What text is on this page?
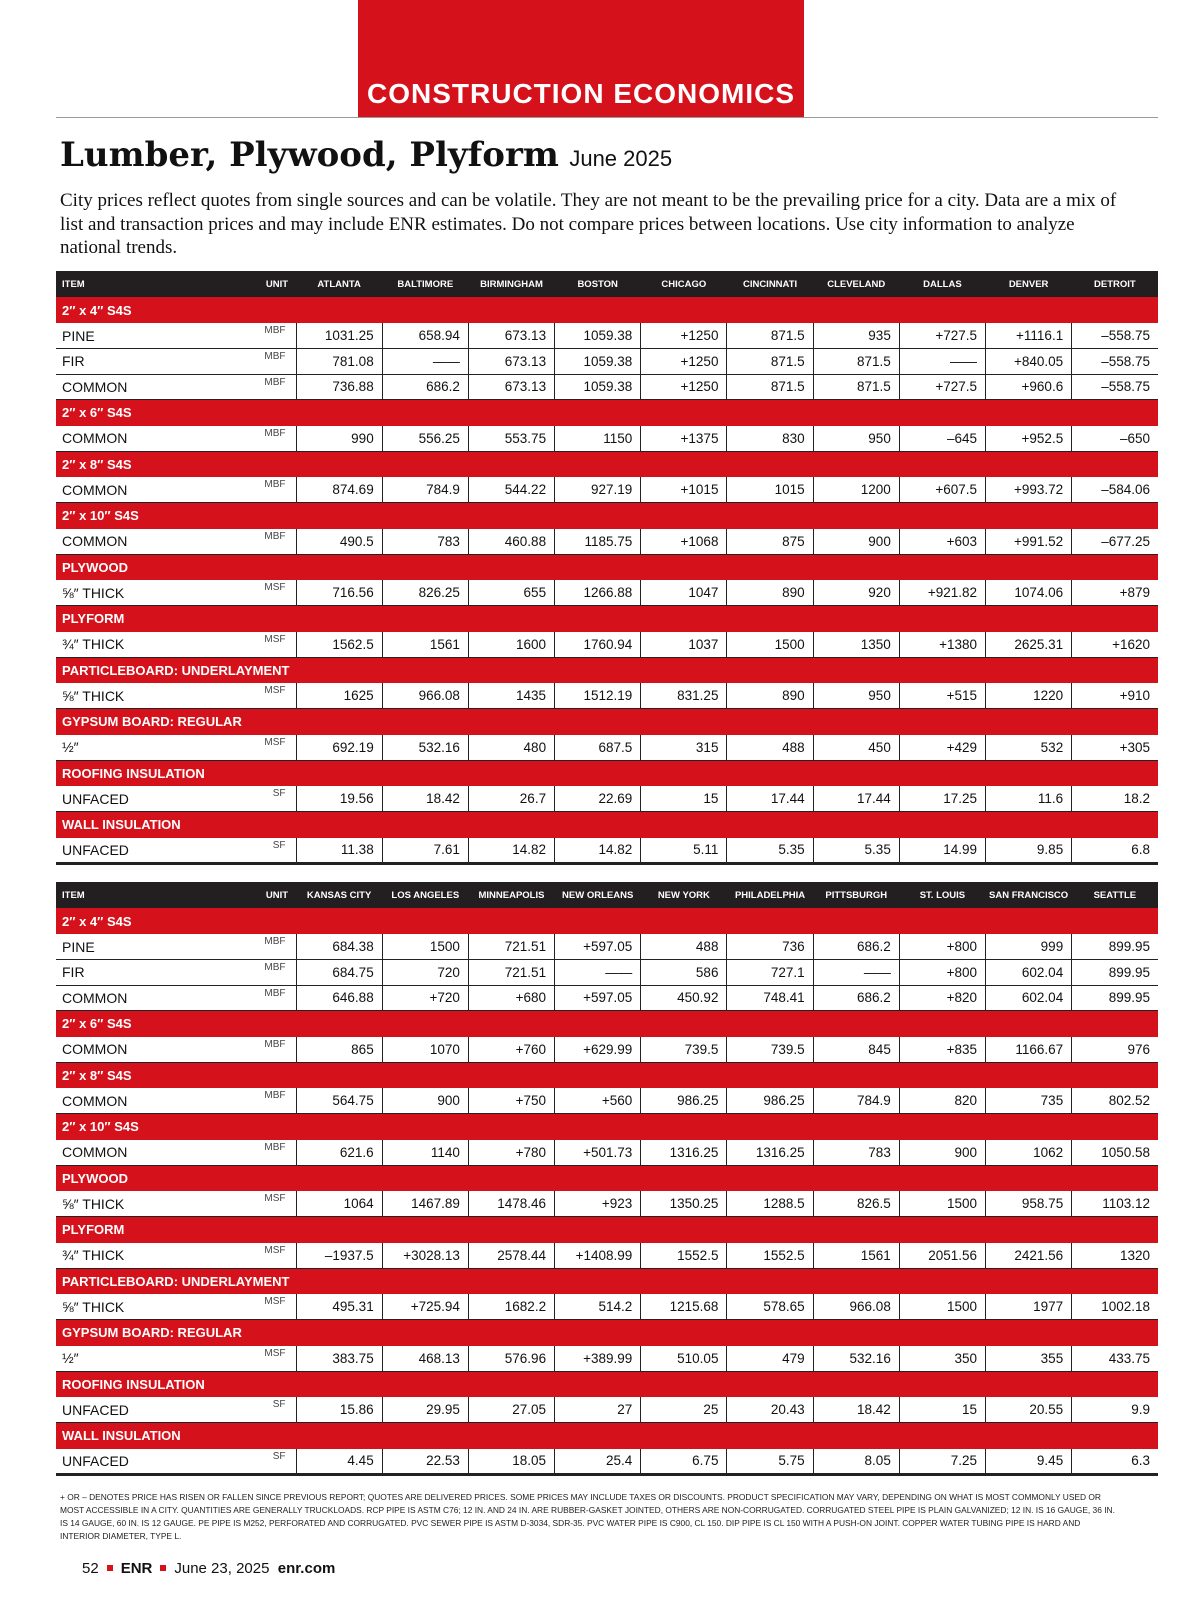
CONSTRUCTION ECONOMICS
Lumber, Plywood, Plyform June 2025
City prices reflect quotes from single sources and can be volatile. They are not meant to be the prevailing price for a city. Data are a mix of list and transaction prices and may include ENR estimates. Do not compare prices between locations. Use city information to analyze national trends.
ITEM	UNIT	ATLANTA	BALTIMORE	BIRMINGHAM	BOSTON	CHICAGO	CINCINNATI	CLEVELAND	DALLAS	DENVER	DETROIT
2″ x 4″ S4S											
PINE	MBF	1031.25	658.94	673.13	1059.38	+1250	871.5	935	+727.5	+1116.1	–558.75
FIR	MBF	781.08	——	673.13	1059.38	+1250	871.5	871.5	——	+840.05	–558.75
COMMON	MBF	736.88	686.2	673.13	1059.38	+1250	871.5	871.5	+727.5	+960.6	–558.75
2″ x 6″ S4S											
COMMON	MBF	990	556.25	553.75	1150	+1375	830	950	–645	+952.5	–650
2″ x 8″ S4S											
COMMON	MBF	874.69	784.9	544.22	927.19	+1015	1015	1200	+607.5	+993.72	–584.06
2″ x 10″ S4S											
COMMON	MBF	490.5	783	460.88	1185.75	+1068	875	900	+603	+991.52	–677.25
PLYWOOD											
⅝″ THICK	MSF	716.56	826.25	655	1266.88	1047	890	920	+921.82	1074.06	+879
PLYFORM											
¾″ THICK	MSF	1562.5	1561	1600	1760.94	1037	1500	1350	+1380	2625.31	+1620
PARTICLEBOARD: UNDERLAYMENT											
⅝″ THICK	MSF	1625	966.08	1435	1512.19	831.25	890	950	+515	1220	+910
GYPSUM BOARD: REGULAR											
½″	MSF	692.19	532.16	480	687.5	315	488	450	+429	532	+305
ROOFING INSULATION											
UNFACED	SF	19.56	18.42	26.7	22.69	15	17.44	17.44	17.25	11.6	18.2
WALL INSULATION											
UNFACED	SF	11.38	7.61	14.82	14.82	5.11	5.35	5.35	14.99	9.85	6.8
ITEM	UNIT	KANSAS CITY	LOS ANGELES	MINNEAPOLIS	NEW ORLEANS	NEW YORK	PHILADELPHIA	PITTSBURGH	ST. LOUIS	SAN FRANCISCO	SEATTLE
2″ x 4″ S4S											
PINE	MBF	684.38	1500	721.51	+597.05	488	736	686.2	+800	999	899.95
FIR	MBF	684.75	720	721.51	——	586	727.1	——	+800	602.04	899.95
COMMON	MBF	646.88	+720	+680	+597.05	450.92	748.41	686.2	+820	602.04	899.95
2″ x 6″ S4S											
COMMON	MBF	865	1070	+760	+629.99	739.5	739.5	845	+835	1166.67	976
2″ x 8″ S4S											
COMMON	MBF	564.75	900	+750	+560	986.25	986.25	784.9	820	735	802.52
2″ x 10″ S4S											
COMMON	MBF	621.6	1140	+780	+501.73	1316.25	1316.25	783	900	1062	1050.58
PLYWOOD											
⅝″ THICK	MSF	1064	1467.89	1478.46	+923	1350.25	1288.5	826.5	1500	958.75	1103.12
PLYFORM											
¾″ THICK	MSF	–1937.5	+3028.13	2578.44	+1408.99	1552.5	1552.5	1561	2051.56	2421.56	1320
PARTICLEBOARD: UNDERLAYMENT											
⅝″ THICK	MSF	495.31	+725.94	1682.2	514.2	1215.68	578.65	966.08	1500	1977	1002.18
GYPSUM BOARD: REGULAR											
½″	MSF	383.75	468.13	576.96	+389.99	510.05	479	532.16	350	355	433.75
ROOFING INSULATION											
UNFACED	SF	15.86	29.95	27.05	27	25	20.43	18.42	15	20.55	9.9
WALL INSULATION											
UNFACED	SF	4.45	22.53	18.05	25.4	6.75	5.75	8.05	7.25	9.45	6.3
+ OR – DENOTES PRICE HAS RISEN OR FALLEN SINCE PREVIOUS REPORT; QUOTES ARE DELIVERED PRICES. SOME PRICES MAY INCLUDE TAXES OR DISCOUNTS. PRODUCT SPECIFICATION MAY VARY, DEPENDING ON WHAT IS MOST COMMONLY USED OR MOST ACCESSIBLE IN A CITY. QUANTITIES ARE GENERALLY TRUCKLOADS. RCP PIPE IS ASTM C76; 12 IN. AND 24 IN. ARE RUBBER-GASKET JOINTED, OTHERS ARE NON-CORRUGATED. CORRUGATED STEEL PIPE IS PLAIN GALVANIZED; 12 IN. IS 16 GAUGE, 36 IN. IS 14 GAUGE, 60 IN. IS 12 GAUGE. PE PIPE IS M252, PERFORATED AND CORRUGATED. PVC SEWER PIPE IS ASTM D-3034, SDR-35. PVC WATER PIPE IS C900, CL 150. DIP PIPE IS CL 150 WITH A PUSH-ON JOINT. COPPER WATER TUBING PIPE IS HARD AND INTERIOR DIAMETER, TYPE L.
52 ENR June 23, 2025 enr.com
